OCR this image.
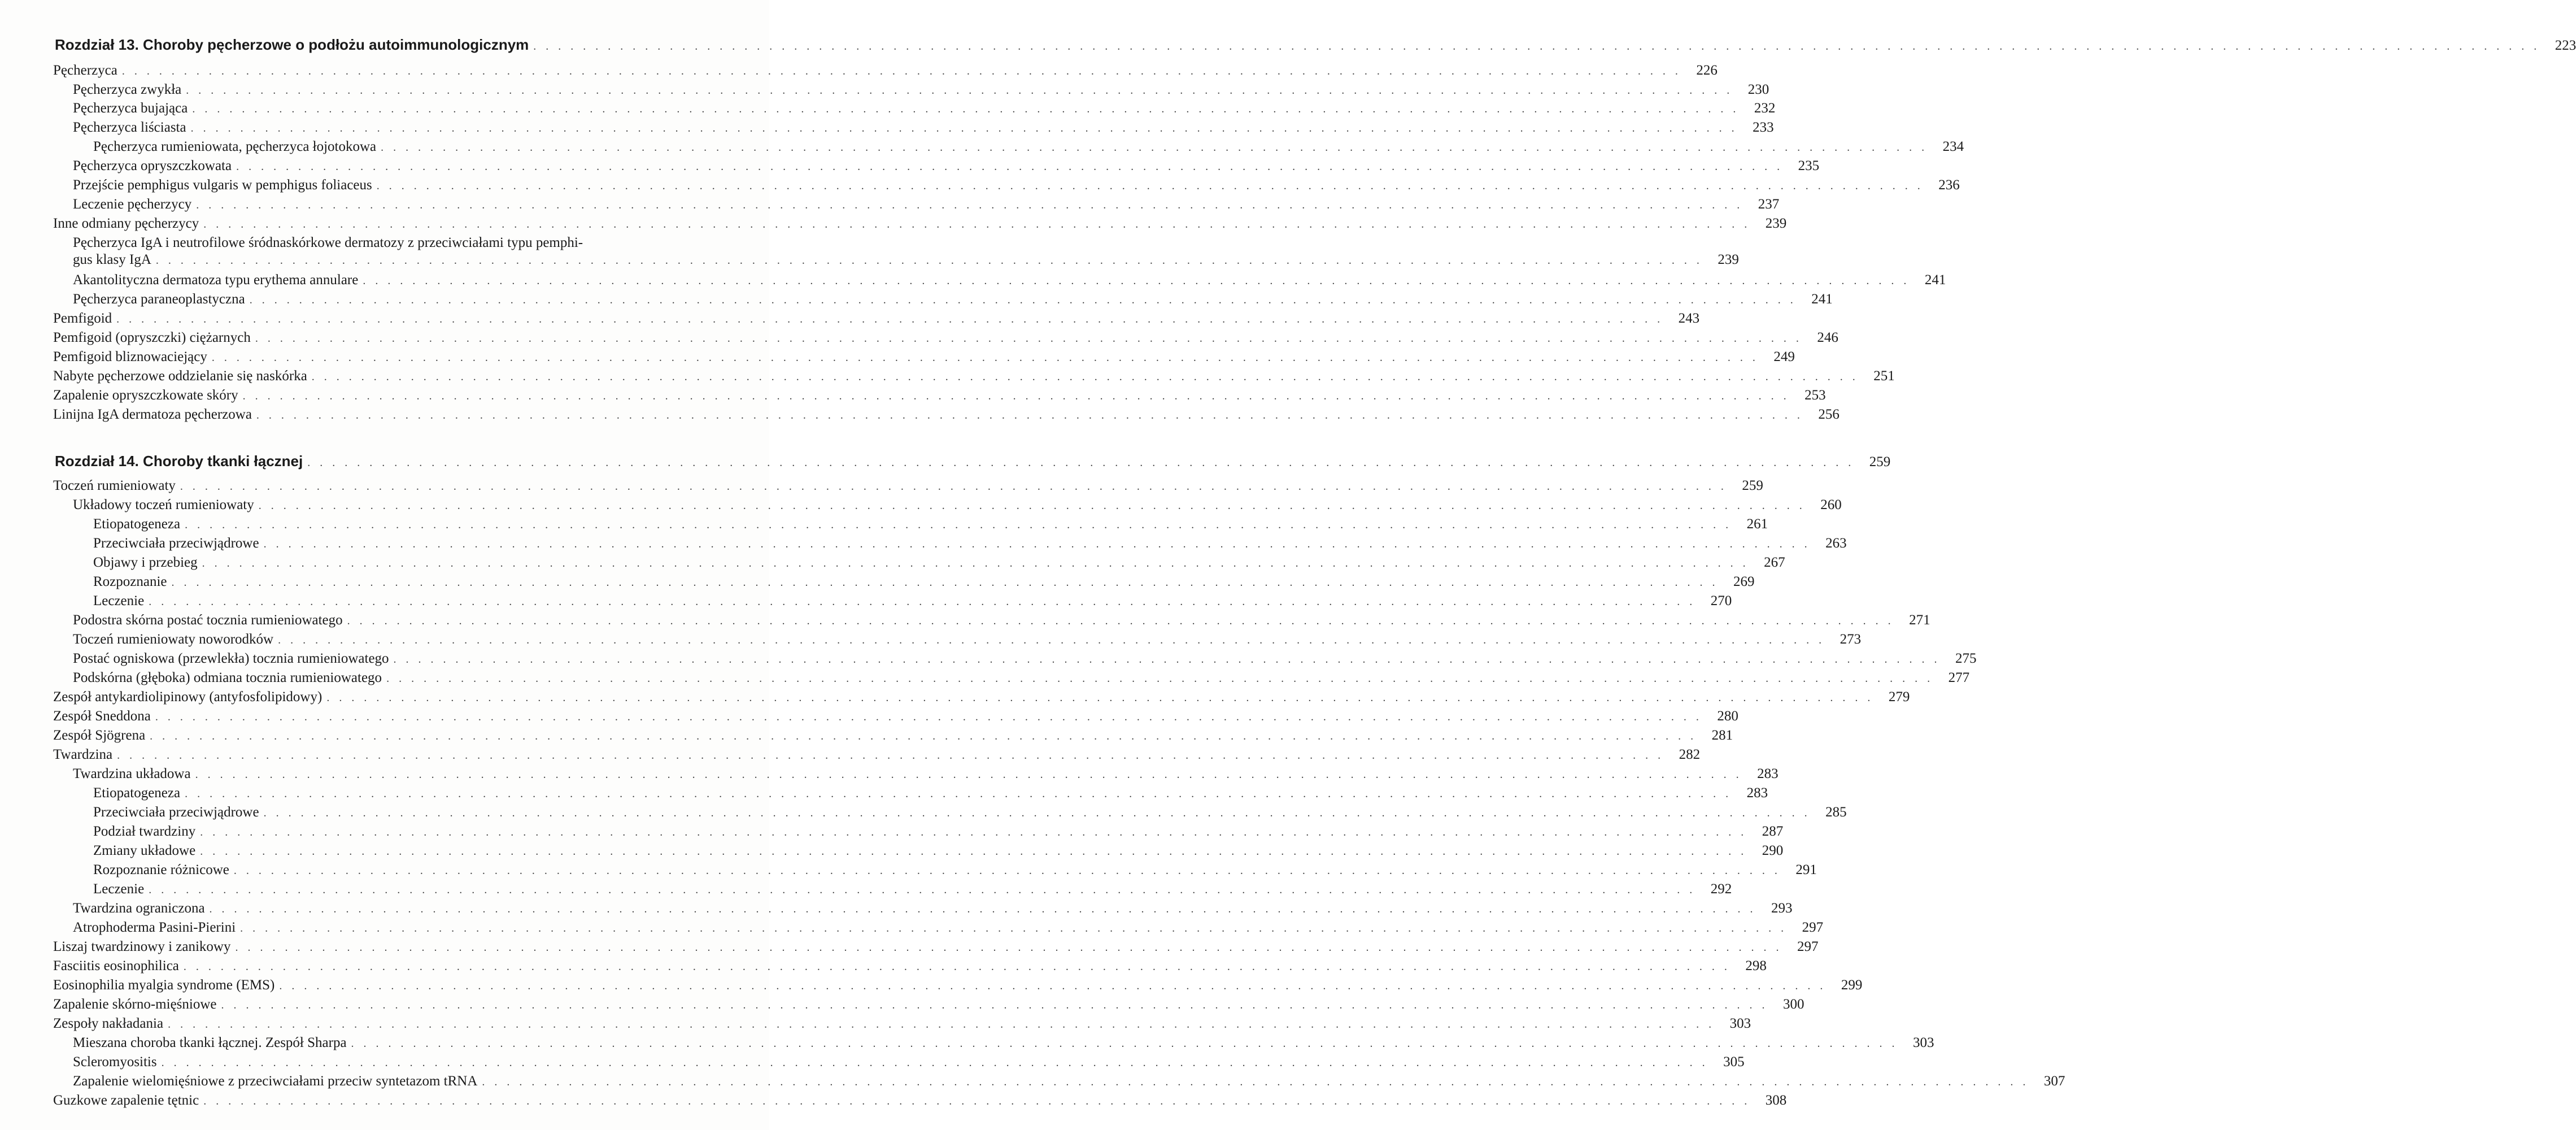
Rozdział 13. Choroby pęcherzowe o podłożu autoimmunologicznym . . . . . . . . . . . . . . . . . . . . . . . . . . . . . . . . . . . . . . . . . . . . . . . . . . . . . . . . . . . . . . . . . . . . . . . . . . . . . . . . . . . . . . . . . . . . . . . . . . . . . . . . . . . . . . . . . . . . . . . . . . . . . . . . . . . . . . . . . . . . . . . . . . . . . . . . . . . . . . . . . .	223
Pęcherzyca . . . . . . . . . . . . . . . . . . . . . . . . . . . . . . . . . . . . . . . . . . . . . . . . . . . . . . . . . . . . . . . . . . . . . . . . . . . . . . . . . . . . . . . . . . . . . . . . . . . . . . . . . . . . . . . . . . . . . . . . . . . . . .	226
Pęcherzyca zwykła . . . . . . . . . . . . . . . . . . . . . . . . . . . . . . . . . . . . . . . . . . . . . . . . . . . . . . . . . . . . . . . . . . . . . . . . . . . . . . . . . . . . . . . . . . . . . . . . . . . . . . . . . . . . . . . . . . . . . . . . . . . . .	230
Pęcherzyca bujająca . . . . . . . . . . . . . . . . . . . . . . . . . . . . . . . . . . . . . . . . . . . . . . . . . . . . . . . . . . . . . . . . . . . . . . . . . . . . . . . . . . . . . . . . . . . . . . . . . . . . . . . . . . . . . . . . . . . . . . . . . . . . .	232
Pęcherzyca liściasta . . . . . . . . . . . . . . . . . . . . . . . . . . . . . . . . . . . . . . . . . . . . . . . . . . . . . . . . . . . . . . . . . . . . . . . . . . . . . . . . . . . . . . . . . . . . . . . . . . . . . . . . . . . . . . . . . . . . . . . . . . . . .	233
Pęcherzyca rumieniowata, pęcherzyca łojotokowa . . . . . . . . . . . . . . . . . . . . . . . . . . . . . . . . . . . . . . . . . . . . . . . . . . . . . . . . . . . . . . . . . . . . . . . . . . . . . . . . . . . . . . . . . . . . . . . . . . . . . . . . . . . . . . . . . . . . . . . . . . . . .	234
Pęcherzyca opryszczkowata . . . . . . . . . . . . . . . . . . . . . . . . . . . . . . . . . . . . . . . . . . . . . . . . . . . . . . . . . . . . . . . . . . . . . . . . . . . . . . . . . . . . . . . . . . . . . . . . . . . . . . . . . . . . . . . . . . . . . . . . . . . . .	235
Przejście pemphigus vulgaris w pemphigus foliaceus . . . . . . . . . . . . . . . . . . . . . . . . . . . . . . . . . . . . . . . . . . . . . . . . . . . . . . . . . . . . . . . . . . . . . . . . . . . . . . . . . . . . . . . . . . . . . . . . . . . . . . . . . . . . . . . . . . . . . . . . . . . . .	236
Leczenie pęcherzycy . . . . . . . . . . . . . . . . . . . . . . . . . . . . . . . . . . . . . . . . . . . . . . . . . . . . . . . . . . . . . . . . . . . . . . . . . . . . . . . . . . . . . . . . . . . . . . . . . . . . . . . . . . . . . . . . . . . . . . . . . . . . .	237
Inne odmiany pęcherzycy . . . . . . . . . . . . . . . . . . . . . . . . . . . . . . . . . . . . . . . . . . . . . . . . . . . . . . . . . . . . . . . . . . . . . . . . . . . . . . . . . . . . . . . . . . . . . . . . . . . . . . . . . . . . . . . . . . . . . . . . . . . . .	239
Pęcherzyca IgA i neutrofilowe śródnaskórkowe dermatozy z przeciwciałami typu pemphi-
gus klasy IgA . . . . . . . . . . . . . . . . . . . . . . . . . . . . . . . . . . . . . . . . . . . . . . . . . . . . . . . . . . . . . . . . . . . . . . . . . . . . . . . . . . . . . . . . . . . . . . . . . . . . . . . . . . . . . . . . . . . . . . . . . . . . .	239
Akantolityczna dermatoza typu erythema annulare . . . . . . . . . . . . . . . . . . . . . . . . . . . . . . . . . . . . . . . . . . . . . . . . . . . . . . . . . . . . . . . . . . . . . . . . . . . . . . . . . . . . . . . . . . . . . . . . . . . . . . . . . . . . . . . . . . . . . . . . . . . . .	241
Pęcherzyca paraneoplastyczna . . . . . . . . . . . . . . . . . . . . . . . . . . . . . . . . . . . . . . . . . . . . . . . . . . . . . . . . . . . . . . . . . . . . . . . . . . . . . . . . . . . . . . . . . . . . . . . . . . . . . . . . . . . . . . . . . . . . . . . . . . . . .	241
Pemfigoid . . . . . . . . . . . . . . . . . . . . . . . . . . . . . . . . . . . . . . . . . . . . . . . . . . . . . . . . . . . . . . . . . . . . . . . . . . . . . . . . . . . . . . . . . . . . . . . . . . . . . . . . . . . . . . . . . . . . . . . . . . . . .	243
Pemfigoid (opryszczki) ciężarnych . . . . . . . . . . . . . . . . . . . . . . . . . . . . . . . . . . . . . . . . . . . . . . . . . . . . . . . . . . . . . . . . . . . . . . . . . . . . . . . . . . . . . . . . . . . . . . . . . . . . . . . . . . . . . . . . . . . . . . . . . . . . .	246
Pemfigoid bliznowaciejący . . . . . . . . . . . . . . . . . . . . . . . . . . . . . . . . . . . . . . . . . . . . . . . . . . . . . . . . . . . . . . . . . . . . . . . . . . . . . . . . . . . . . . . . . . . . . . . . . . . . . . . . . . . . . . . . . . . . . . . . . . . . .	249
Nabyte pęcherzowe oddzielanie się naskórka . . . . . . . . . . . . . . . . . . . . . . . . . . . . . . . . . . . . . . . . . . . . . . . . . . . . . . . . . . . . . . . . . . . . . . . . . . . . . . . . . . . . . . . . . . . . . . . . . . . . . . . . . . . . . . . . . . . . . . . . . . . . .	251
Zapalenie opryszczkowate skóry . . . . . . . . . . . . . . . . . . . . . . . . . . . . . . . . . . . . . . . . . . . . . . . . . . . . . . . . . . . . . . . . . . . . . . . . . . . . . . . . . . . . . . . . . . . . . . . . . . . . . . . . . . . . . . . . . . . . . . . . . . . . .	253
Linijna IgA dermatoza pęcherzowa . . . . . . . . . . . . . . . . . . . . . . . . . . . . . . . . . . . . . . . . . . . . . . . . . . . . . . . . . . . . . . . . . . . . . . . . . . . . . . . . . . . . . . . . . . . . . . . . . . . . . . . . . . . . . . . . . . . . . . . . . . . . .	256
Rozdział 14. Choroby tkanki łącznej . . . . . . . . . . . . . . . . . . . . . . . . . . . . . . . . . . . . . . . . . . . . . . . . . . . . . . . . . . . . . . . . . . . . . . . . . . . . . . . . . . . . . . . . . . . . . . . . . . . . . . . . . . . . . . . . . . . . . . . . . . . . .	259
Toczeń rumieniowaty . . . . . . . . . . . . . . . . . . . . . . . . . . . . . . . . . . . . . . . . . . . . . . . . . . . . . . . . . . . . . . . . . . . . . . . . . . . . . . . . . . . . . . . . . . . . . . . . . . . . . . . . . . . . . . . . . . . . . . . . . . . . .	259
Układowy toczeń rumieniowaty . . . . . . . . . . . . . . . . . . . . . . . . . . . . . . . . . . . . . . . . . . . . . . . . . . . . . . . . . . . . . . . . . . . . . . . . . . . . . . . . . . . . . . . . . . . . . . . . . . . . . . . . . . . . . . . . . . . . . . . . . . . . .	260
Etiopatogeneza . . . . . . . . . . . . . . . . . . . . . . . . . . . . . . . . . . . . . . . . . . . . . . . . . . . . . . . . . . . . . . . . . . . . . . . . . . . . . . . . . . . . . . . . . . . . . . . . . . . . . . . . . . . . . . . . . . . . . . . . . . . . .	261
Przeciwciała przeciwjądrowe . . . . . . . . . . . . . . . . . . . . . . . . . . . . . . . . . . . . . . . . . . . . . . . . . . . . . . . . . . . . . . . . . . . . . . . . . . . . . . . . . . . . . . . . . . . . . . . . . . . . . . . . . . . . . . . . . . . . . . . . . . . . .	263
Objawy i przebieg . . . . . . . . . . . . . . . . . . . . . . . . . . . . . . . . . . . . . . . . . . . . . . . . . . . . . . . . . . . . . . . . . . . . . . . . . . . . . . . . . . . . . . . . . . . . . . . . . . . . . . . . . . . . . . . . . . . . . . . . . . . . .	267
Rozpoznanie . . . . . . . . . . . . . . . . . . . . . . . . . . . . . . . . . . . . . . . . . . . . . . . . . . . . . . . . . . . . . . . . . . . . . . . . . . . . . . . . . . . . . . . . . . . . . . . . . . . . . . . . . . . . . . . . . . . . . . . . . . . . .	269
Leczenie . . . . . . . . . . . . . . . . . . . . . . . . . . . . . . . . . . . . . . . . . . . . . . . . . . . . . . . . . . . . . . . . . . . . . . . . . . . . . . . . . . . . . . . . . . . . . . . . . . . . . . . . . . . . . . . . . . . . . . . . . . . . .	270
Podostra skórna postać tocznia rumieniowatego . . . . . . . . . . . . . . . . . . . . . . . . . . . . . . . . . . . . . . . . . . . . . . . . . . . . . . . . . . . . . . . . . . . . . . . . . . . . . . . . . . . . . . . . . . . . . . . . . . . . . . . . . . . . . . . . . . . . . . . . . . . . .	271
Toczeń rumieniowaty noworodków . . . . . . . . . . . . . . . . . . . . . . . . . . . . . . . . . . . . . . . . . . . . . . . . . . . . . . . . . . . . . . . . . . . . . . . . . . . . . . . . . . . . . . . . . . . . . . . . . . . . . . . . . . . . . . . . . . . . . . . . . . . . .	273
Postać ogniskowa (przewlekła) tocznia rumieniowatego . . . . . . . . . . . . . . . . . . . . . . . . . . . . . . . . . . . . . . . . . . . . . . . . . . . . . . . . . . . . . . . . . . . . . . . . . . . . . . . . . . . . . . . . . . . . . . . . . . . . . . . . . . . . . . . . . . . . . . . . . . . . .	275
Podskórna (głęboka) odmiana tocznia rumieniowatego . . . . . . . . . . . . . . . . . . . . . . . . . . . . . . . . . . . . . . . . . . . . . . . . . . . . . . . . . . . . . . . . . . . . . . . . . . . . . . . . . . . . . . . . . . . . . . . . . . . . . . . . . . . . . . . . . . . . . . . . . . . . .	277
Zespół antykardiolipinowy (antyfosfolipidowy) . . . . . . . . . . . . . . . . . . . . . . . . . . . . . . . . . . . . . . . . . . . . . . . . . . . . . . . . . . . . . . . . . . . . . . . . . . . . . . . . . . . . . . . . . . . . . . . . . . . . . . . . . . . . . . . . . . . . . . . . . . . . .	279
Zespół Sneddona . . . . . . . . . . . . . . . . . . . . . . . . . . . . . . . . . . . . . . . . . . . . . . . . . . . . . . . . . . . . . . . . . . . . . . . . . . . . . . . . . . . . . . . . . . . . . . . . . . . . . . . . . . . . . . . . . . . . . . . . . . . . .	280
Zespół Sjögrena . . . . . . . . . . . . . . . . . . . . . . . . . . . . . . . . . . . . . . . . . . . . . . . . . . . . . . . . . . . . . . . . . . . . . . . . . . . . . . . . . . . . . . . . . . . . . . . . . . . . . . . . . . . . . . . . . . . . . . . . . . . . .	281
Twardzina . . . . . . . . . . . . . . . . . . . . . . . . . . . . . . . . . . . . . . . . . . . . . . . . . . . . . . . . . . . . . . . . . . . . . . . . . . . . . . . . . . . . . . . . . . . . . . . . . . . . . . . . . . . . . . . . . . . . . . . . . . . . .	282
Twardzina układowa . . . . . . . . . . . . . . . . . . . . . . . . . . . . . . . . . . . . . . . . . . . . . . . . . . . . . . . . . . . . . . . . . . . . . . . . . . . . . . . . . . . . . . . . . . . . . . . . . . . . . . . . . . . . . . . . . . . . . . . . . . . . .	283
Etiopatogeneza . . . . . . . . . . . . . . . . . . . . . . . . . . . . . . . . . . . . . . . . . . . . . . . . . . . . . . . . . . . . . . . . . . . . . . . . . . . . . . . . . . . . . . . . . . . . . . . . . . . . . . . . . . . . . . . . . . . . . . . . . . . . .	283
Przeciwciała przeciwjądrowe . . . . . . . . . . . . . . . . . . . . . . . . . . . . . . . . . . . . . . . . . . . . . . . . . . . . . . . . . . . . . . . . . . . . . . . . . . . . . . . . . . . . . . . . . . . . . . . . . . . . . . . . . . . . . . . . . . . . . . . . . . . . .	285
Podział twardziny . . . . . . . . . . . . . . . . . . . . . . . . . . . . . . . . . . . . . . . . . . . . . . . . . . . . . . . . . . . . . . . . . . . . . . . . . . . . . . . . . . . . . . . . . . . . . . . . . . . . . . . . . . . . . . . . . . . . . . . . . . . . .	287
Zmiany układowe . . . . . . . . . . . . . . . . . . . . . . . . . . . . . . . . . . . . . . . . . . . . . . . . . . . . . . . . . . . . . . . . . . . . . . . . . . . . . . . . . . . . . . . . . . . . . . . . . . . . . . . . . . . . . . . . . . . . . . . . . . . . .	290
Rozpoznanie różnicowe . . . . . . . . . . . . . . . . . . . . . . . . . . . . . . . . . . . . . . . . . . . . . . . . . . . . . . . . . . . . . . . . . . . . . . . . . . . . . . . . . . . . . . . . . . . . . . . . . . . . . . . . . . . . . . . . . . . . . . . . . . . . .	291
Leczenie . . . . . . . . . . . . . . . . . . . . . . . . . . . . . . . . . . . . . . . . . . . . . . . . . . . . . . . . . . . . . . . . . . . . . . . . . . . . . . . . . . . . . . . . . . . . . . . . . . . . . . . . . . . . . . . . . . . . . . . . . . . . .	292
Twardzina ograniczona . . . . . . . . . . . . . . . . . . . . . . . . . . . . . . . . . . . . . . . . . . . . . . . . . . . . . . . . . . . . . . . . . . . . . . . . . . . . . . . . . . . . . . . . . . . . . . . . . . . . . . . . . . . . . . . . . . . . . . . . . . . . .	293
Atrophoderma Pasini-Pierini . . . . . . . . . . . . . . . . . . . . . . . . . . . . . . . . . . . . . . . . . . . . . . . . . . . . . . . . . . . . . . . . . . . . . . . . . . . . . . . . . . . . . . . . . . . . . . . . . . . . . . . . . . . . . . . . . . . . . . . . . . . . .	297
Liszaj twardzinowy i zanikowy . . . . . . . . . . . . . . . . . . . . . . . . . . . . . . . . . . . . . . . . . . . . . . . . . . . . . . . . . . . . . . . . . . . . . . . . . . . . . . . . . . . . . . . . . . . . . . . . . . . . . . . . . . . . . . . . . . . . . . . . . . . . .	297
Fasciitis eosinophilica . . . . . . . . . . . . . . . . . . . . . . . . . . . . . . . . . . . . . . . . . . . . . . . . . . . . . . . . . . . . . . . . . . . . . . . . . . . . . . . . . . . . . . . . . . . . . . . . . . . . . . . . . . . . . . . . . . . . . . . . . . . . .	298
Eosinophilia myalgia syndrome (EMS) . . . . . . . . . . . . . . . . . . . . . . . . . . . . . . . . . . . . . . . . . . . . . . . . . . . . . . . . . . . . . . . . . . . . . . . . . . . . . . . . . . . . . . . . . . . . . . . . . . . . . . . . . . . . . . . . . . . . . . . . . . . . .	299
Zapalenie skórno-mięśniowe . . . . . . . . . . . . . . . . . . . . . . . . . . . . . . . . . . . . . . . . . . . . . . . . . . . . . . . . . . . . . . . . . . . . . . . . . . . . . . . . . . . . . . . . . . . . . . . . . . . . . . . . . . . . . . . . . . . . . . . . . . . . .	300
Zespoły nakładania . . . . . . . . . . . . . . . . . . . . . . . . . . . . . . . . . . . . . . . . . . . . . . . . . . . . . . . . . . . . . . . . . . . . . . . . . . . . . . . . . . . . . . . . . . . . . . . . . . . . . . . . . . . . . . . . . . . . . . . . . . . . .	303
Mieszana choroba tkanki łącznej. Zespół Sharpa . . . . . . . . . . . . . . . . . . . . . . . . . . . . . . . . . . . . . . . . . . . . . . . . . . . . . . . . . . . . . . . . . . . . . . . . . . . . . . . . . . . . . . . . . . . . . . . . . . . . . . . . . . . . . . . . . . . . . . . . . . . . .	303
Scleromyositis . . . . . . . . . . . . . . . . . . . . . . . . . . . . . . . . . . . . . . . . . . . . . . . . . . . . . . . . . . . . . . . . . . . . . . . . . . . . . . . . . . . . . . . . . . . . . . . . . . . . . . . . . . . . . . . . . . . . . . . . . . . . .	305
Zapalenie wielomięśniowe z przeciwciałami przeciw syntetazom tRNA . . . . . . . . . . . . . . . . . . . . . . . . . . . . . . . . . . . . . . . . . . . . . . . . . . . . . . . . . . . . . . . . . . . . . . . . . . . . . . . . . . . . . . . . . . . . . . . . . . . . . . . . . . . . . . . . . . . . . . . . . . . . .	307
Guzkowe zapalenie tętnic . . . . . . . . . . . . . . . . . . . . . . . . . . . . . . . . . . . . . . . . . . . . . . . . . . . . . . . . . . . . . . . . . . . . . . . . . . . . . . . . . . . . . . . . . . . . . . . . . . . . . . . . . . . . . . . . . . . . . . . . . . . . .	308
